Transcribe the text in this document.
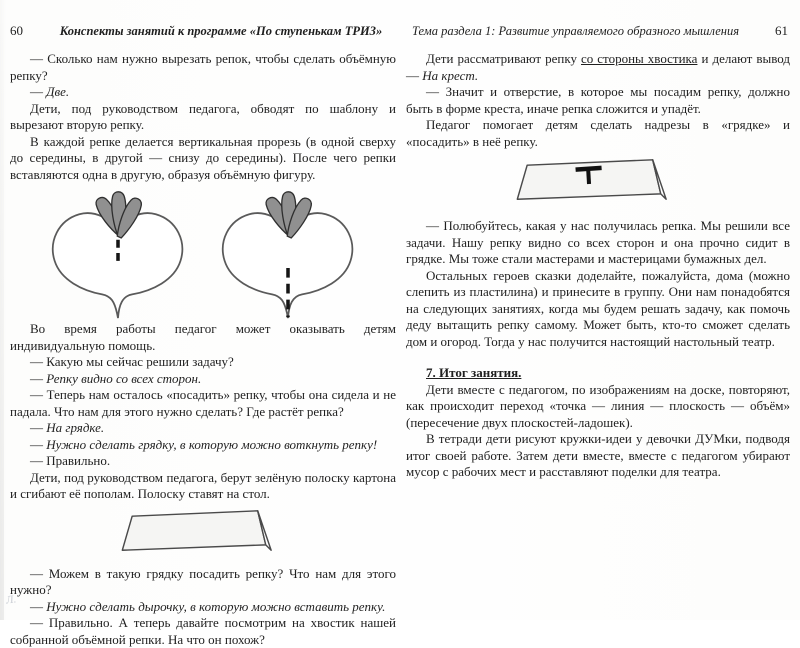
60	Конспекты занятий к программе «По ступенькам ТРИЗ»

— Сколько нам нужно вырезать репок, чтобы сделать объёмную репку?

— Две.

Дети, под руководством педагога, обводят по шаблону и вырезают вторую репку.

В каждой репке делается вертикальная прорезь (в одной сверху до середины, в другой — снизу до середины). После чего репки вставляются одна в другую, образуя объёмную фигуру.

Во время работы педагог может оказывать детям индивидуальную помощь.

— Какую мы сейчас решили задачу?

— Репку видно со всех сторон.

— Теперь нам осталось «посадить» репку, чтобы она сидела и не падала. Что нам для этого нужно сделать? Где растёт репка?

— На грядке.

— Нужно сделать грядку, в которую можно воткнуть репку!

— Правильно.

Дети, под руководством педагога, берут зелёную полоску картона и сгибают её пополам. Полоску ставят на стол.

— Можем в такую грядку посадить репку? Что нам для этого нужно?

— Нужно сделать дырочку, в которую можно вставить репку.

— Правильно. А теперь давайте посмотрим на хвостик нашей собранной объёмной репки. На что он похож?

Тема раздела 1: Развитие управляемого образного мышления	61

Дети рассматривают репку со стороны хвостика и делают вывод — На крест.

— Значит и отверстие, в которое мы посадим репку, должно быть в форме креста, иначе репка сложится и упадёт.

Педагог помогает детям сделать надрезы в «грядке» и «посадить» в неё репку.

— Полюбуйтесь, какая у нас получилась репка. Мы решили все задачи. Нашу репку видно со всех сторон и она прочно сидит в грядке. Мы тоже стали мастерами и мастерицами бумажных дел.

Остальных героев сказки доделайте, пожалуйста, дома (можно слепить из пластилина) и принесите в группу. Они нам понадобятся на следующих занятиях, когда мы будем решать задачу, как помочь деду вытащить репку самому. Может быть, кто-то сможет сделать дом и огород. Тогда у нас получится настоящий настольный театр.

7. Итог занятия.

Дети вместе с педагогом, по изображениям на доске, повторяют, как происходит переход «точка — линия — плоскость — объём» (пересечение двух плоскостей-ладошек).

В тетради дети рисуют кружки-идеи у девочки ДУМки, подводя итог своей работе. Затем дети вместе, вместе с педагогом убирают мусор с рабочих мест и расставляют поделки для театра.

Л.
